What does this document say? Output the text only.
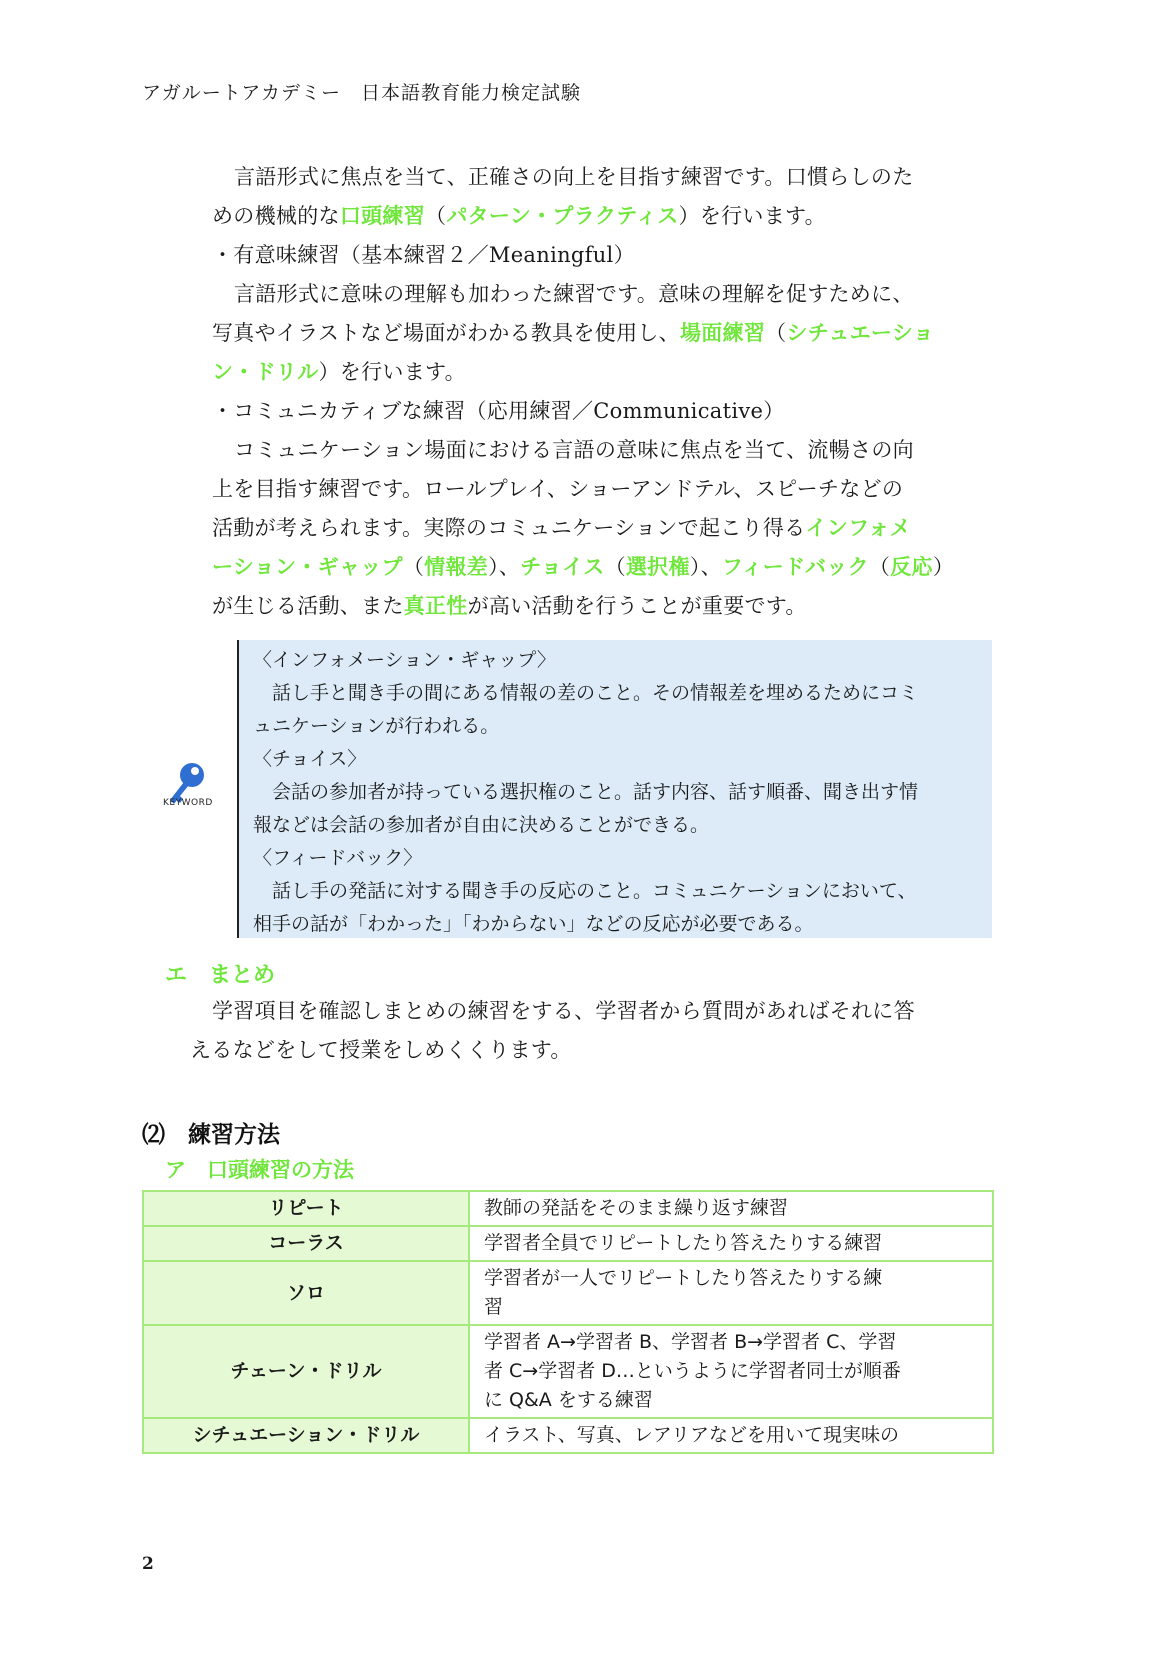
アガルートアカデミー　日本語教育能力検定試験
言語形式に焦点を当て、正確さの向上を目指す練習です。口慣らしのた
めの機械的な口頭練習（パターン・プラクティス）を行います。
・有意味練習（基本練習２／Meaningful）
言語形式に意味の理解も加わった練習です。意味の理解を促すために、
写真やイラストなど場面がわかる教具を使用し、場面練習（シチュエーショ
ン・ドリル）を行います。
・コミュニカティブな練習（応用練習／Communicative）
コミュニケーション場面における言語の意味に焦点を当て、流暢さの向
上を目指す練習です。ロールプレイ、ショーアンドテル、スピーチなどの
活動が考えられます。実際のコミュニケーションで起こり得るインフォメ
ーション・ギャップ（情報差）、チョイス（選択権）、フィードバック（反応）
が生じる活動、また真正性が高い活動を行うことが重要です。
KEYWORD
〈インフォメーション・ギャップ〉
　話し手と聞き手の間にある情報の差のこと。その情報差を埋めるためにコミ
ュニケーションが行われる。
〈チョイス〉
　会話の参加者が持っている選択権のこと。話す内容、話す順番、聞き出す情
報などは会話の参加者が自由に決めることができる。
〈フィードバック〉
　話し手の発話に対する聞き手の反応のこと。コミュニケーションにおいて、
相手の話が「わかった」「わからない」などの反応が必要である。
エ　まとめ
学習項目を確認しまとめの練習をする、学習者から質問があればそれに答
えるなどをして授業をしめくくります。
⑵　練習方法
ア　口頭練習の方法
リピート	教師の発話をそのまま繰り返す練習

コーラス	学習者全員でリピートしたり答えたりする練習

ソロ	学習者が一人でリピートしたり答えたりする練
習

チェーン・ドリル	学習者 A→学習者 B、学習者 B→学習者 C、学習
者 C→学習者 D…というように学習者同士が順番
に Q&A をする練習

シチュエーション・ドリル	イラスト、写真、レアリアなどを用いて現実味の
2
